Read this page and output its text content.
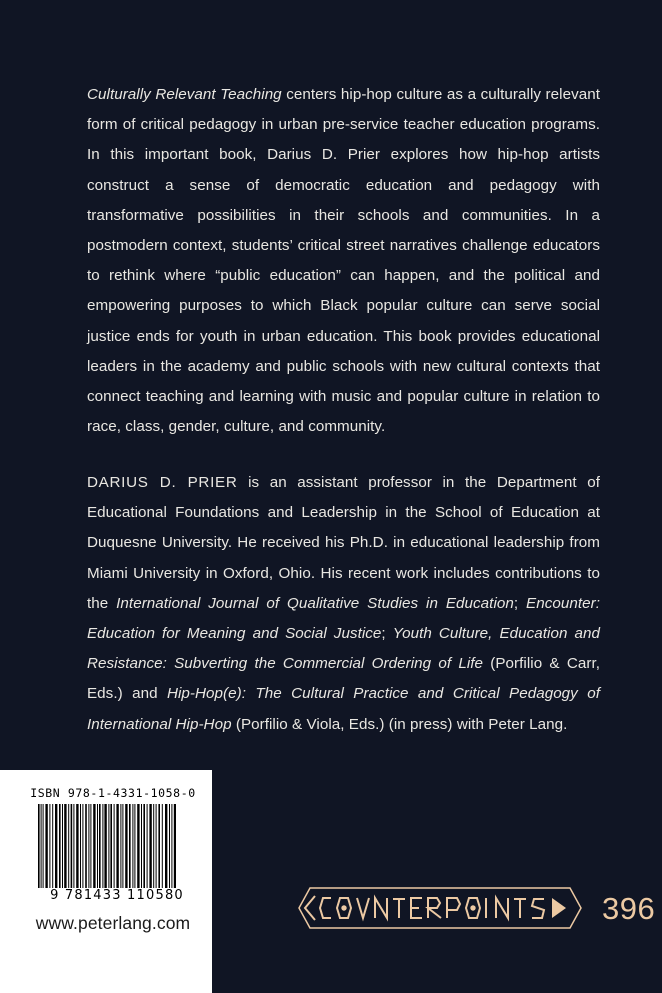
Culturally Relevant Teaching centers hip-hop culture as a culturally relevant form of critical pedagogy in urban pre-service teacher education programs. In this important book, Darius D. Prier explores how hip-hop artists construct a sense of democratic education and pedagogy with transformative possibilities in their schools and communities. In a postmodern context, students’ critical street narratives challenge educators to rethink where “public education” can happen, and the political and empowering purposes to which Black popular culture can serve social justice ends for youth in urban education. This book provides educational leaders in the academy and public schools with new cultural contexts that connect teaching and learning with music and popular culture in relation to race, class, gender, culture, and community.

DARIUS D. PRIER is an assistant professor in the Department of Educational Foundations and Leadership in the School of Education at Duquesne University. He received his Ph.D. in educational leadership from Miami University in Oxford, Ohio. His recent work includes contributions to the International Journal of Qualitative Studies in Education; Encounter: Education for Meaning and Social Justice; Youth Culture, Education and Resistance: Subverting the Commercial Ordering of Life (Porfilio & Carr, Eds.) and Hip-Hop(e): The Cultural Practice and Critical Pedagogy of International Hip-Hop (Porfilio & Viola, Eds.) (in press) with Peter Lang.

ISBN 978-1-4331-1058-0
9 781433 110580
www.peterlang.com	396
